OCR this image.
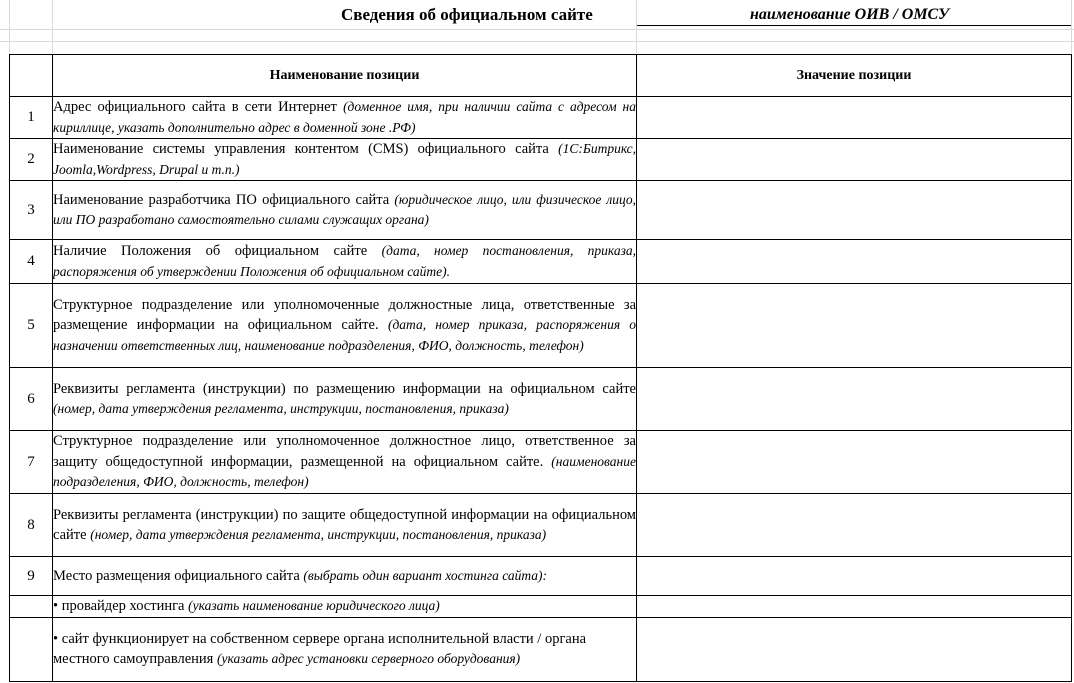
Сведения об официальном сайте	наименование ОИВ / ОМСУ
	Наименование позиции	Значение позиции
1	Адрес официального сайта в сети Интернет (доменное имя, при наличии сайта с адресом на кириллице, указать дополнительно адрес в доменной зоне .РФ)	
2	Наименование системы управления контентом (CMS) официального сайта (1С:Битрикс, Joomla,Wordpress, Drupal и т.п.)	
3	Наименование разработчика ПО официального сайта (юридическое лицо, или физическое лицо, или ПО разработано самостоятельно силами служащих органа)	
4	Наличие Положения об официальном сайте (дата, номер постановления, приказа, распоряжения об утверждении Положения об официальном сайте).	
5	Структурное подразделение или уполномоченные должностные лица, ответственные за размещение информации на официальном сайте. (дата, номер приказа, распоряжения о назначении ответственных лиц, наименование подразделения, ФИО, должность, телефон)	
6	Реквизиты регламента (инструкции) по размещению информации на официальном сайте (номер, дата утверждения регламента, инструкции, постановления, приказа)	
7	Структурное подразделение или уполномоченное должностное лицо, ответственное за защиту общедоступной информации, размещенной на официальном сайте. (наименование подразделения, ФИО, должность, телефон)	
8	Реквизиты регламента (инструкции) по защите общедоступной информации на официальном сайте (номер, дата утверждения регламента, инструкции, постановления, приказа)	
9	Место размещения официального сайта (выбрать один вариант хостинга сайта):	
	• провайдер хостинга (указать наименование юридического лица)	
	• сайт функционирует на собственном сервере органа исполнительной власти / органа местного самоуправления (указать адрес установки серверного оборудования)	
